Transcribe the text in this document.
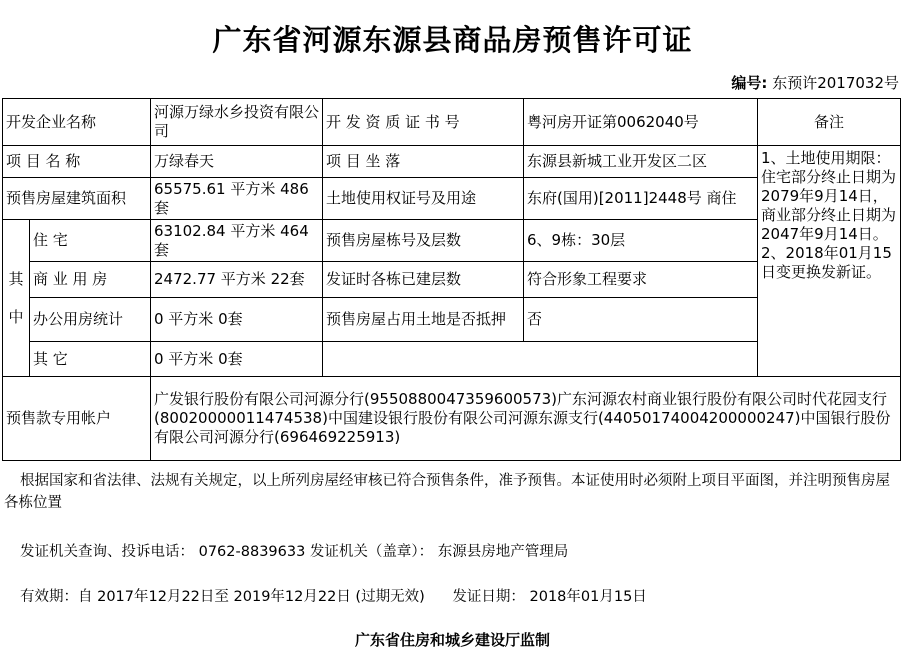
广东省河源东源县商品房预售许可证
编号: 东预许2017032号
开发企业名称		河源万绿水乡投资有限公司	开 发 资 质 证 书 号	粤河房开证第0062040号	备注
项 目 名 称		万绿春天	项 目 坐 落	东源县新城工业开发区二区	1、土地使用期限：住宅部分终止日期为2079年9月14日，商业部分终止日期为2047年9月14日。2、2018年01月15日变更换发新证。
预售房屋建筑面积		65575.61 平方米 486套	土地使用权证号及用途	东府(国用)[2011]2448号 商住	
其中	住 宅	63102.84 平方米 464套	预售房屋栋号及层数	6、9栋：30层	
	商 业 用 房	2472.77 平方米 22套	发证时各栋已建层数	符合形象工程要求	
	办公用房统计	0 平方米 0套	预售房屋占用土地是否抵押	否	
	其 它	0 平方米 0套			
预售款专用帐户		广发银行股份有限公司河源分行(9550880047359600573)广东河源农村商业银行股份有限公司时代花园支行(80020000011474538)中国建设银行股份有限公司河源东源支行(44050174004200000247)中国银行股份有限公司河源分行(696469225913)			
根据国家和省法律、法规有关规定，以上所列房屋经审核已符合预售条件，准予预售。本证使用时必须附上项目平面图，并注明预售房屋各栋位置
发证机关查询、投诉电话： 0762-8839633 发证机关（盖章）： 东源县房地产管理局
有效期：自 2017年12月22日至 2019年12月22日 (过期无效)      发证日期： 2018年01月15日
广东省住房和城乡建设厅监制
